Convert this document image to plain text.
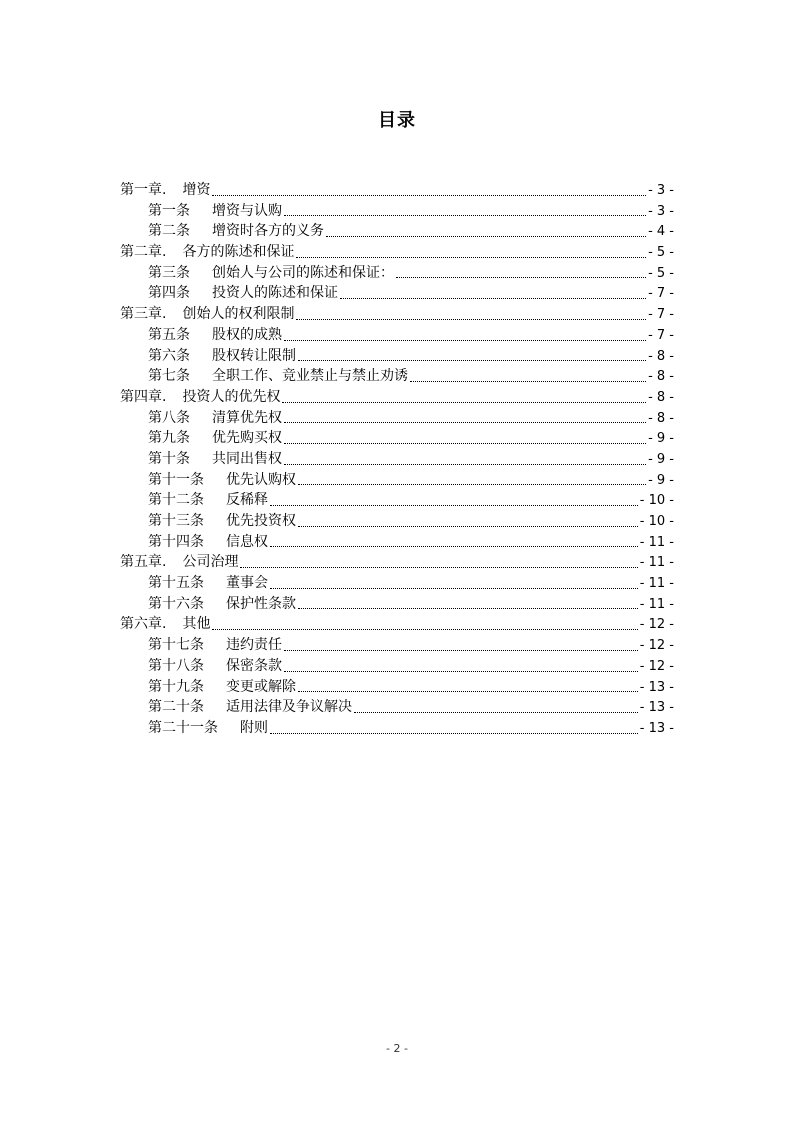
目录
第一章. 增资	- 3 -
第一条 增资与认购	- 3 -
第二条 增资时各方的义务	- 4 -
第二章. 各方的陈述和保证	- 5 -
第三条 创始人与公司的陈述和保证：	- 5 -
第四条 投资人的陈述和保证	- 7 -
第三章. 创始人的权利限制	- 7 -
第五条 股权的成熟	- 7 -
第六条 股权转让限制	- 8 -
第七条 全职工作、竞业禁止与禁止劝诱	- 8 -
第四章. 投资人的优先权	- 8 -
第八条 清算优先权	- 8 -
第九条 优先购买权	- 9 -
第十条 共同出售权	- 9 -
第十一条 优先认购权	- 9 -
第十二条 反稀释	- 10 -
第十三条 优先投资权	- 10 -
第十四条 信息权	- 11 -
第五章. 公司治理	- 11 -
第十五条 董事会	- 11 -
第十六条 保护性条款	- 11 -
第六章. 其他	- 12 -
第十七条 违约责任	- 12 -
第十八条 保密条款	- 12 -
第十九条 变更或解除	- 13 -
第二十条 适用法律及争议解决	- 13 -
第二十一条 附则	- 13 -
- 2 -
